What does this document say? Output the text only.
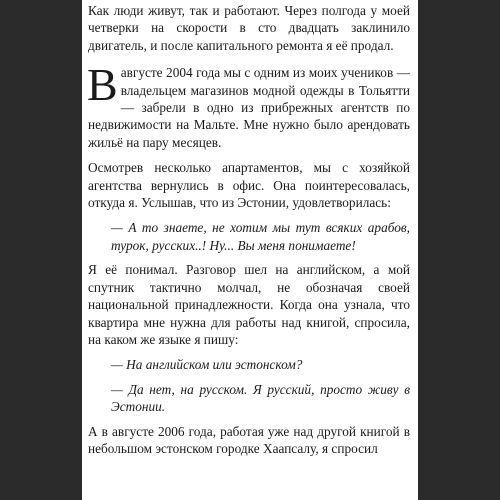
Как люди живут, так и работают. Через полгода у моей четверки на скорости в сто двадцать заклинило двигатель, и после капитального ремонта я её продал.

Вавгусте 2004 года мы с одним из моих учеников — владельцем магазинов модной одежды в Тольятти — забрели в одно из прибрежных агентств по недвижимости на Мальте. Мне нужно было арендовать жильё на пару месяцев.

Осмотрев несколько апартаментов, мы с хозяйкой агентства вернулись в офис. Она поинтересовалась, откуда я. Услышав, что из Эстонии, удовлетворилась:

— А то знаете, не хотим мы тут всяких арабов, турок, русских..! Ну... Вы меня понимаете!

Я её понимал. Разговор шел на английском, а мой спутник тактично молчал, не обозначая своей национальной принадлежности. Когда она узнала, что квартира мне нужна для работы над книгой, спросила, на каком же языке я пишу:

— На английском или эстонском?

— Да нет, на русском. Я русский, просто живу в Эстонии.

А в августе 2006 года, работая уже над другой книгой в небольшом эстонском городке Хаапсалу, я спросил
